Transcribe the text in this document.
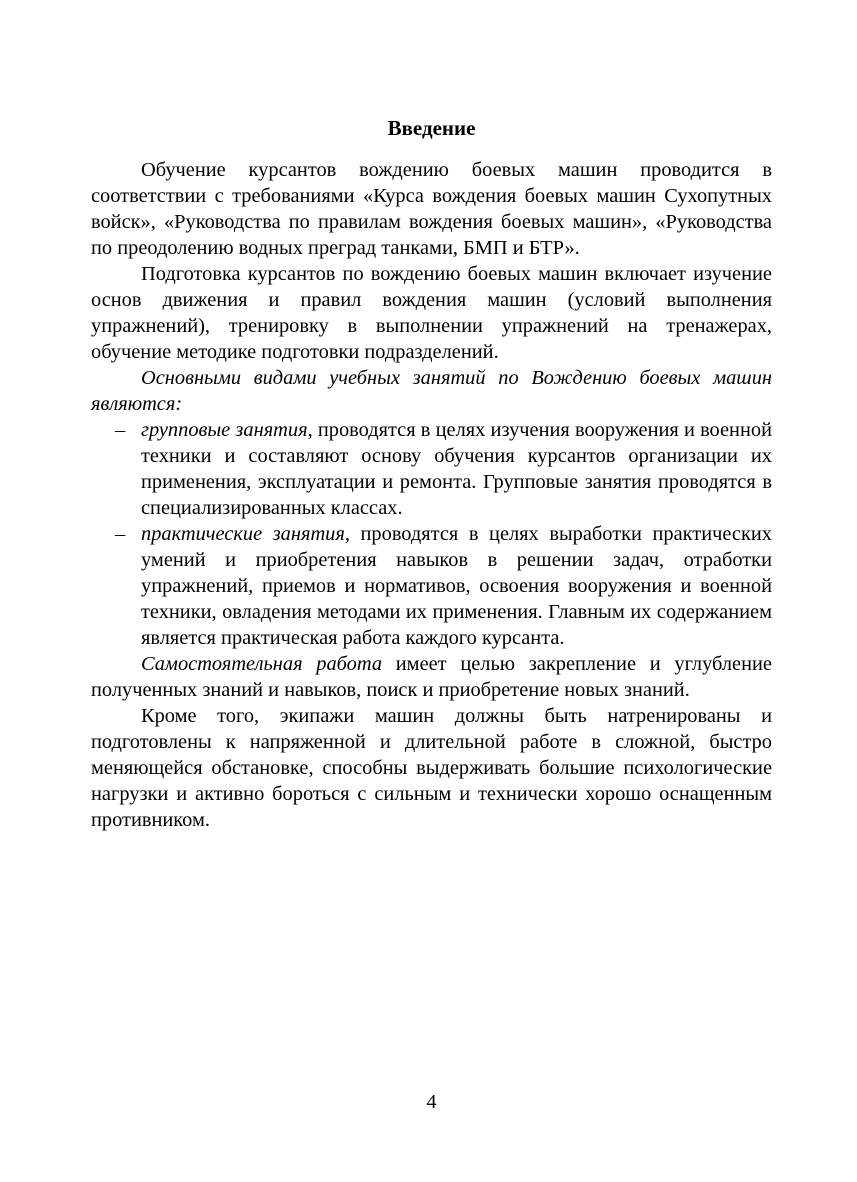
Введение

Обучение курсантов вождению боевых машин проводится в соответствии с требованиями «Курса вождения боевых машин Сухопутных войск», «Руководства по правилам вождения боевых машин», «Руководства по преодолению водных преград танками, БМП и БТР».

Подготовка курсантов по вождению боевых машин включает изучение основ движения и правил вождения машин (условий выполнения упражнений), тренировку в выполнении упражнений на тренажерах, обучение методике подготовки подразделений.

Основными видами учебных занятий по Вождению боевых машин являются:

– групповые занятия, проводятся в целях изучения вооружения и военной техники и составляют основу обучения курсантов организации их применения, эксплуатации и ремонта. Групповые занятия проводятся в специализированных классах.
– практические занятия, проводятся в целях выработки практических умений и приобретения навыков в решении задач, отработки упражнений, приемов и нормативов, освоения вооружения и военной техники, овладения методами их применения. Главным их содержанием является практическая работа каждого курсанта.

Самостоятельная работа имеет целью закрепление и углубление полученных знаний и навыков, поиск и приобретение новых знаний.

Кроме того, экипажи машин должны быть натренированы и подготовлены к напряженной и длительной работе в сложной, быстро меняющейся обстановке, способны выдерживать большие психологические нагрузки и активно бороться с сильным и технически хорошо оснащенным противником.

4
